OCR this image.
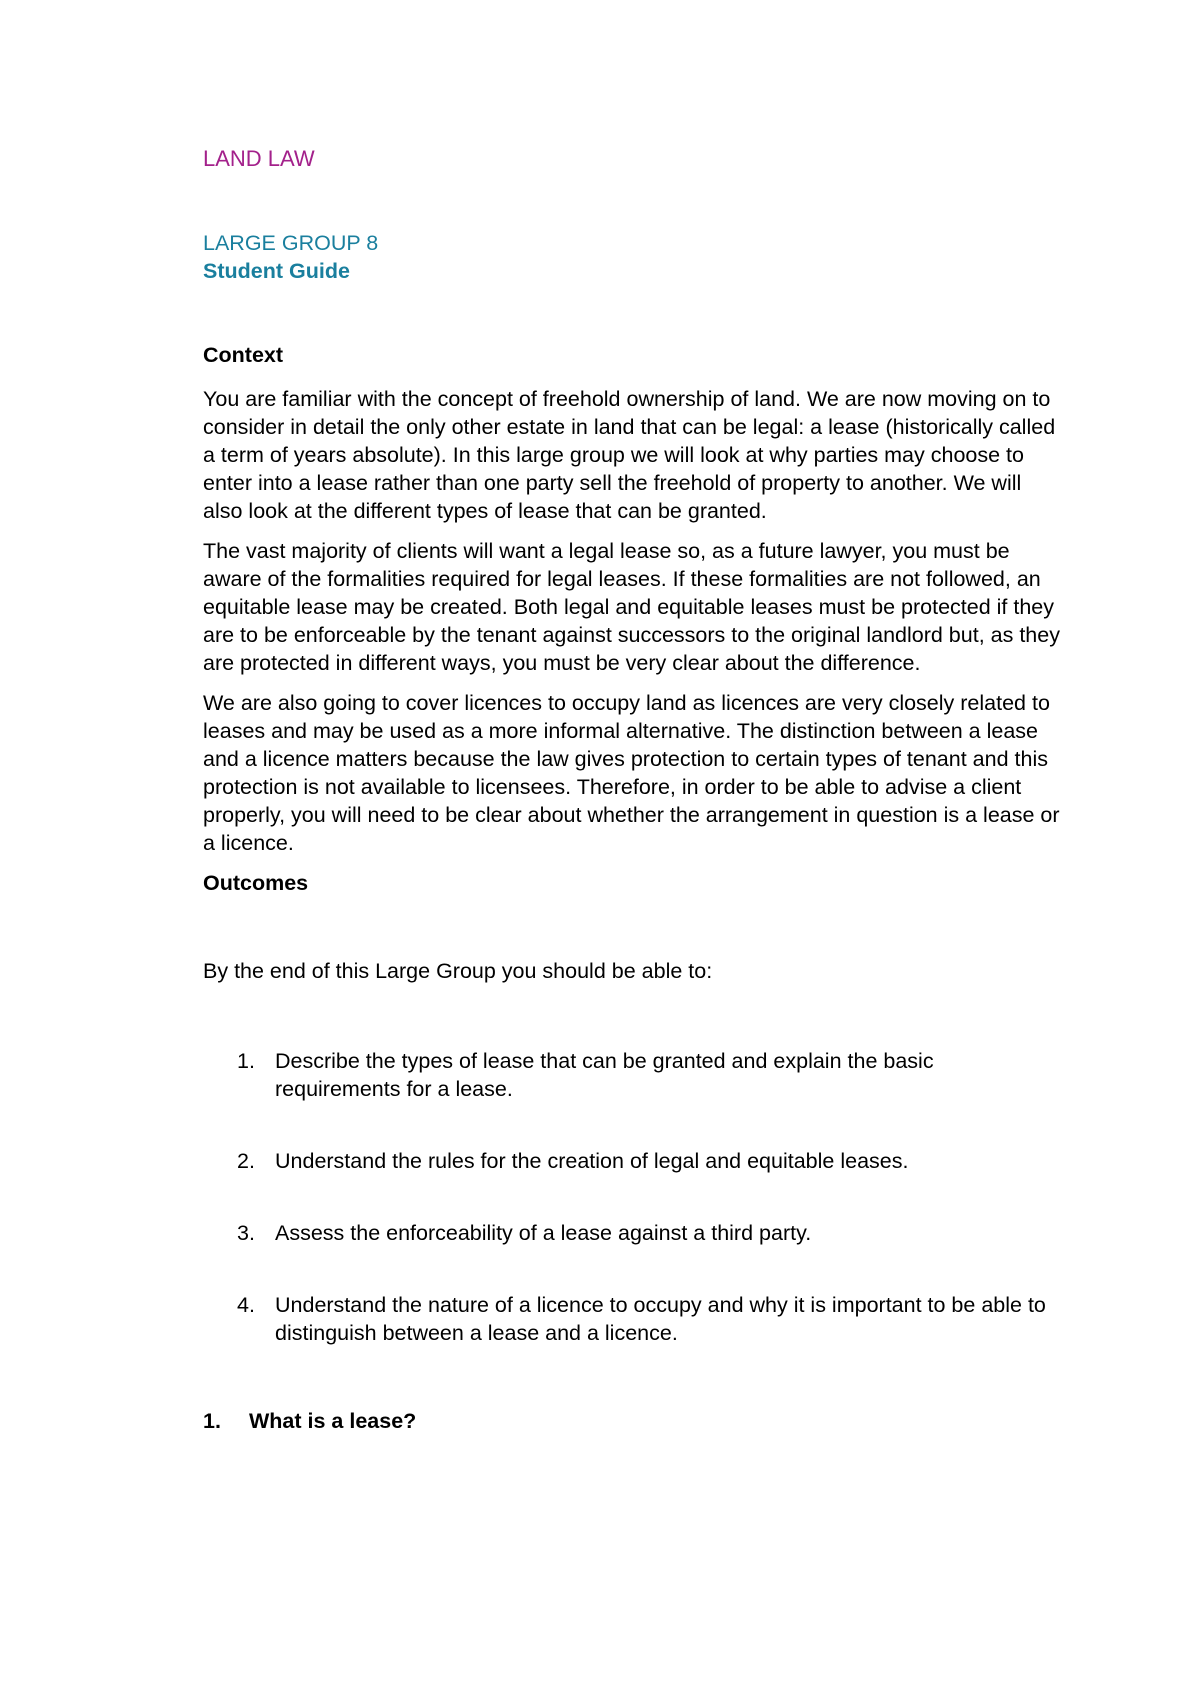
LAND LAW
LARGE GROUP 8
Student Guide
Context

You are familiar with the concept of freehold ownership of land. We are now moving on to consider in detail the only other estate in land that can be legal: a lease (historically called a term of years absolute). In this large group we will look at why parties may choose to enter into a lease rather than one party sell the freehold of property to another. We will also look at the different types of lease that can be granted.

The vast majority of clients will want a legal lease so, as a future lawyer, you must be aware of the formalities required for legal leases. If these formalities are not followed, an equitable lease may be created. Both legal and equitable leases must be protected if they are to be enforceable by the tenant against successors to the original landlord but, as they are protected in different ways, you must be very clear about the difference.

We are also going to cover licences to occupy land as licences are very closely related to leases and may be used as a more informal alternative. The distinction between a lease and a licence matters because the law gives protection to certain types of tenant and this protection is not available to licensees. Therefore, in order to be able to advise a client properly, you will need to be clear about whether the arrangement in question is a lease or a licence.

Outcomes
By the end of this Large Group you should be able to:
1. Describe the types of lease that can be granted and explain the basic requirements for a lease.
2. Understand the rules for the creation of legal and equitable leases.
3. Assess the enforceability of a lease against a third party.
4. Understand the nature of a licence to occupy and why it is important to be able to distinguish between a lease and a licence.
1. What is a lease?
